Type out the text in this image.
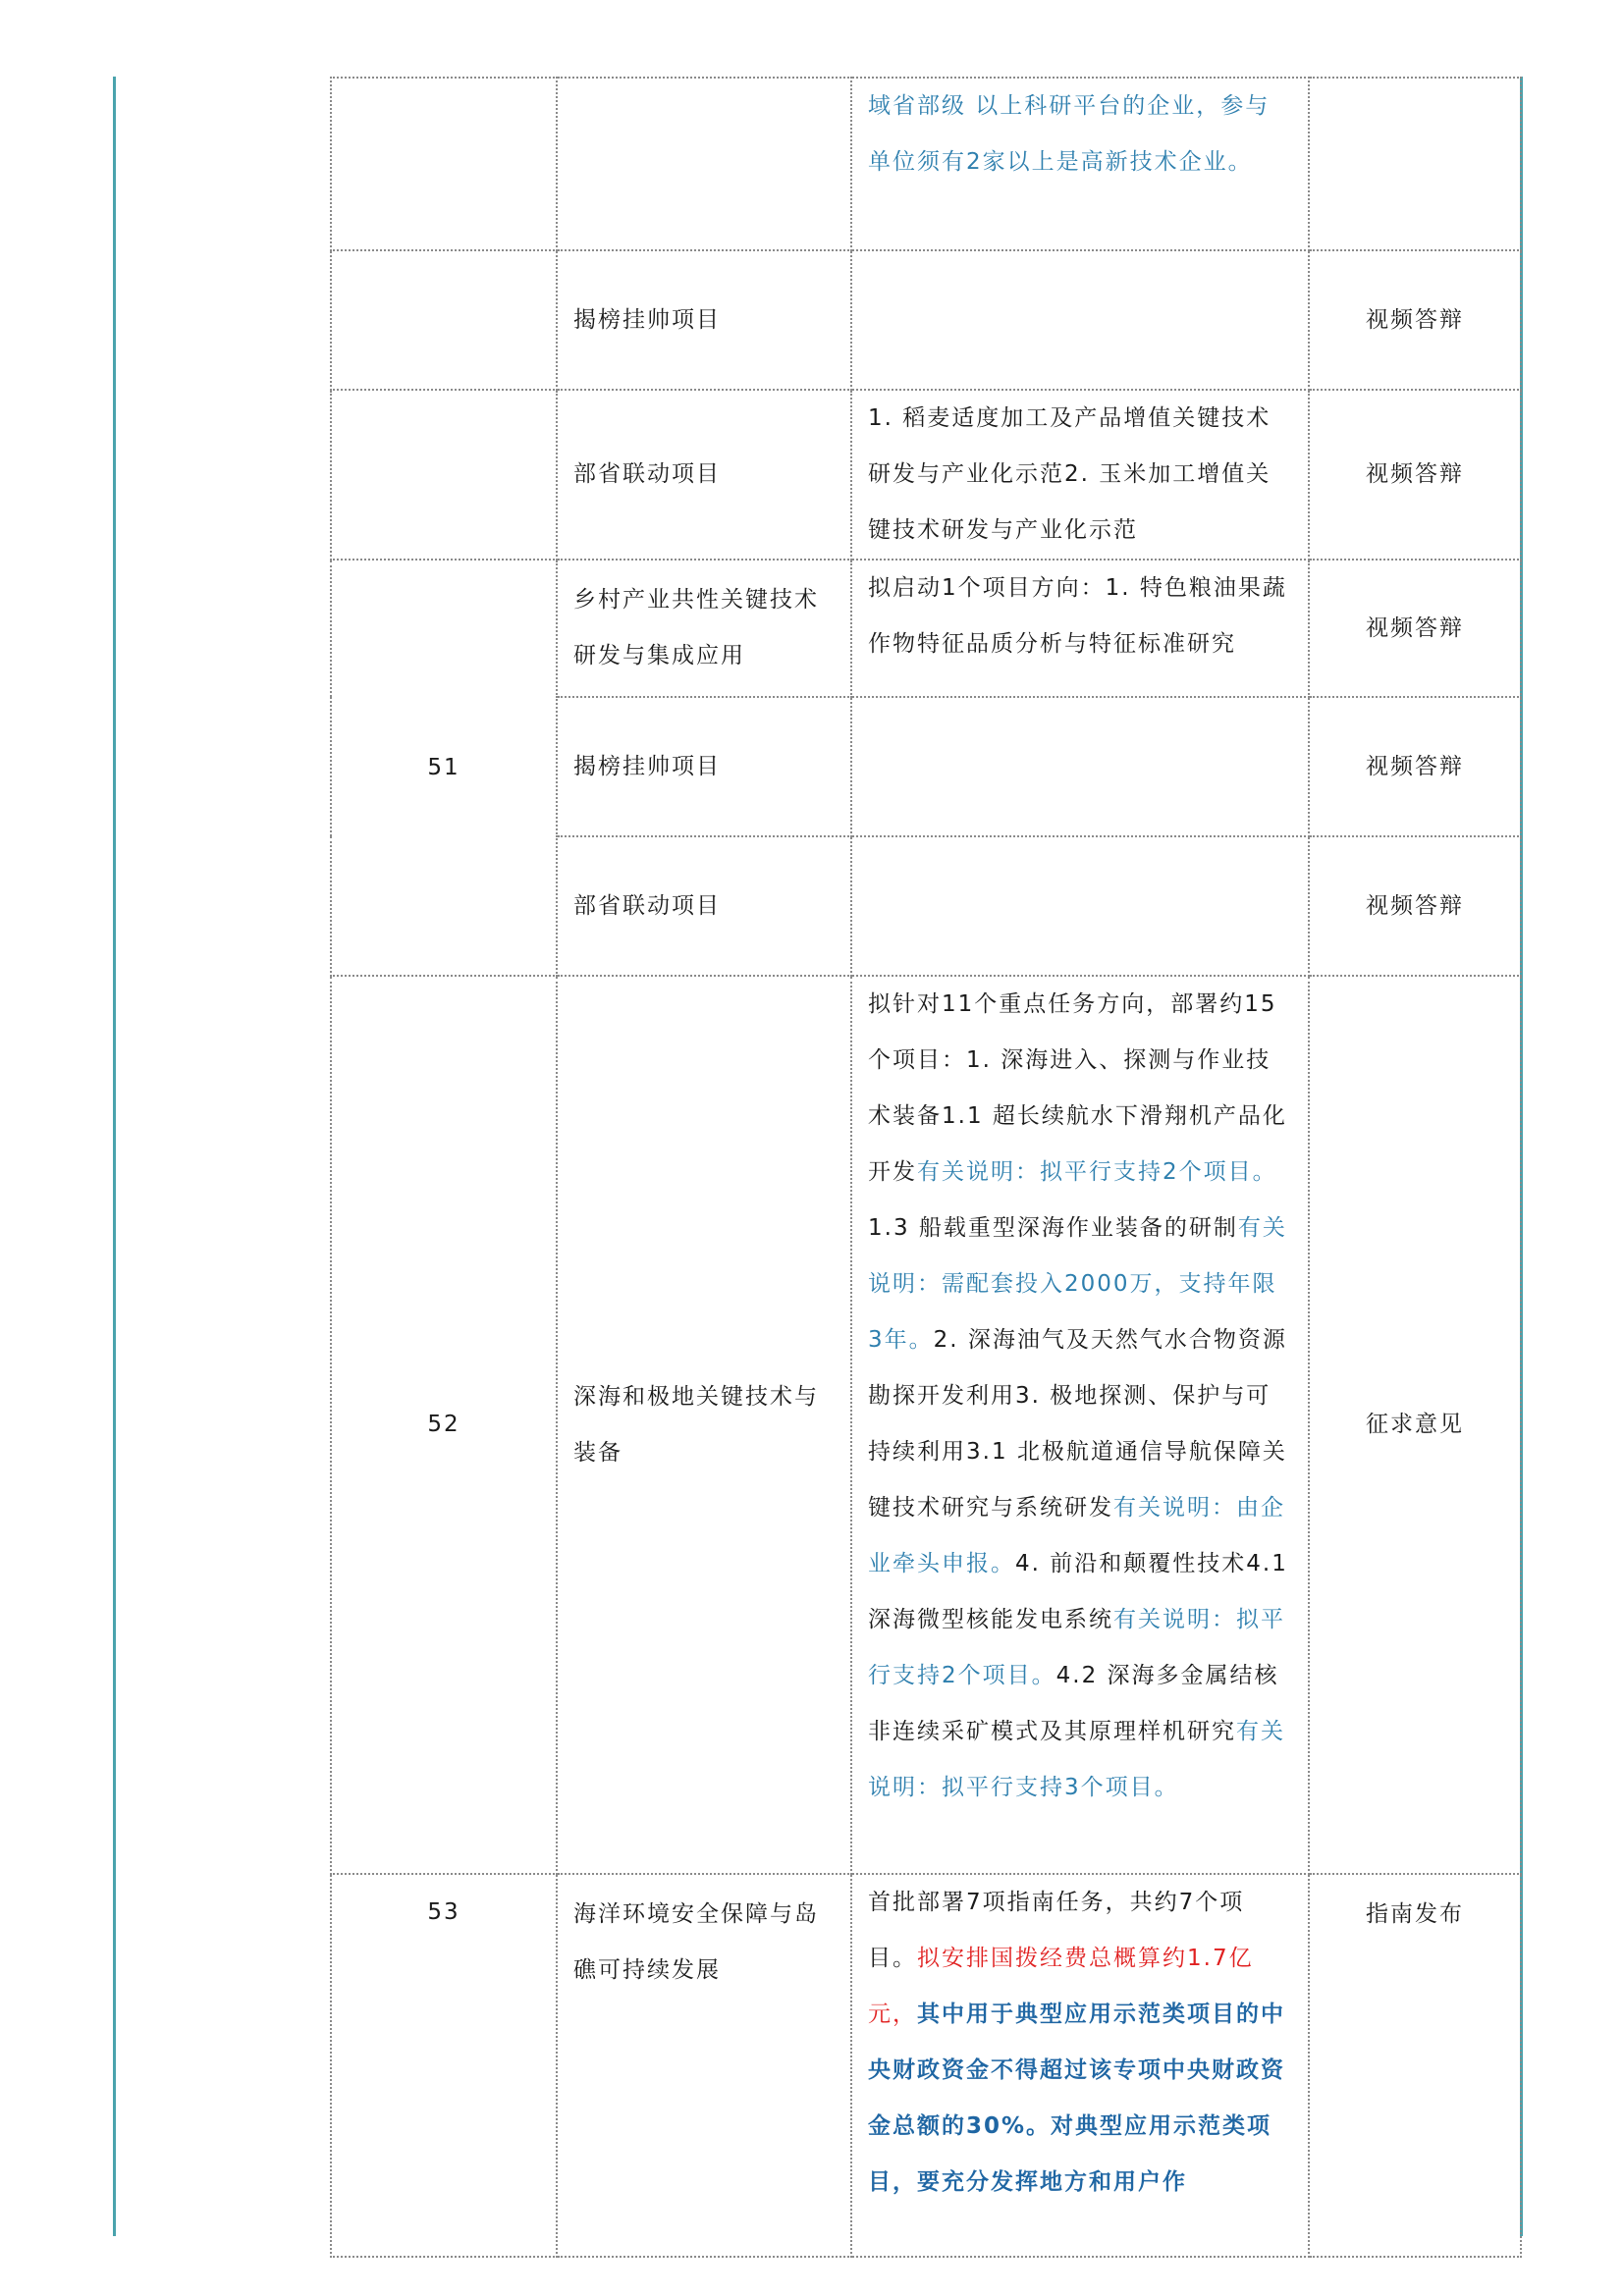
		域省部级 以上科研平台的企业，参与单位须有2家以上是高新技术企业。	
	揭榜挂帅项目		视频答辩
	部省联动项目	1. 稻麦适度加工及产品增值关键技术研发与产业化示范2. 玉米加工增值关键技术研发与产业化示范	视频答辩
51	乡村产业共性关键技术研发与集成应用	拟启动1个项目方向：1. 特色粮油果蔬作物特征品质分析与特征标准研究	视频答辩
	揭榜挂帅项目		视频答辩
	部省联动项目		视频答辩
52	深海和极地关键技术与装备	拟针对11个重点任务方向，部署约15个项目：1. 深海进入、探测与作业技术装备1.1 超长续航水下滑翔机产品化开发有关说明：拟平行支持2个项目。1.3 船载重型深海作业装备的研制有关说明：需配套投入2000万，支持年限3年。2. 深海油气及天然气水合物资源勘探开发利用3. 极地探测、保护与可持续利用3.1 北极航道通信导航保障关键技术研究与系统研发有关说明：由企业牵头申报。4. 前沿和颠覆性技术4.1 深海微型核能发电系统有关说明：拟平行支持2个项目。4.2 深海多金属结核非连续采矿模式及其原理样机研究有关说明：拟平行支持3个项目。	征求意见
53	海洋环境安全保障与岛礁可持续发展	首批部署7项指南任务，共约7个项目。拟安排国拨经费总概算约1.7亿元，其中用于典型应用示范类项目的中央财政资金不得超过该专项中央财政资金总额的30%。对典型应用示范类项目，要充分发挥地方和用户作	指南发布
